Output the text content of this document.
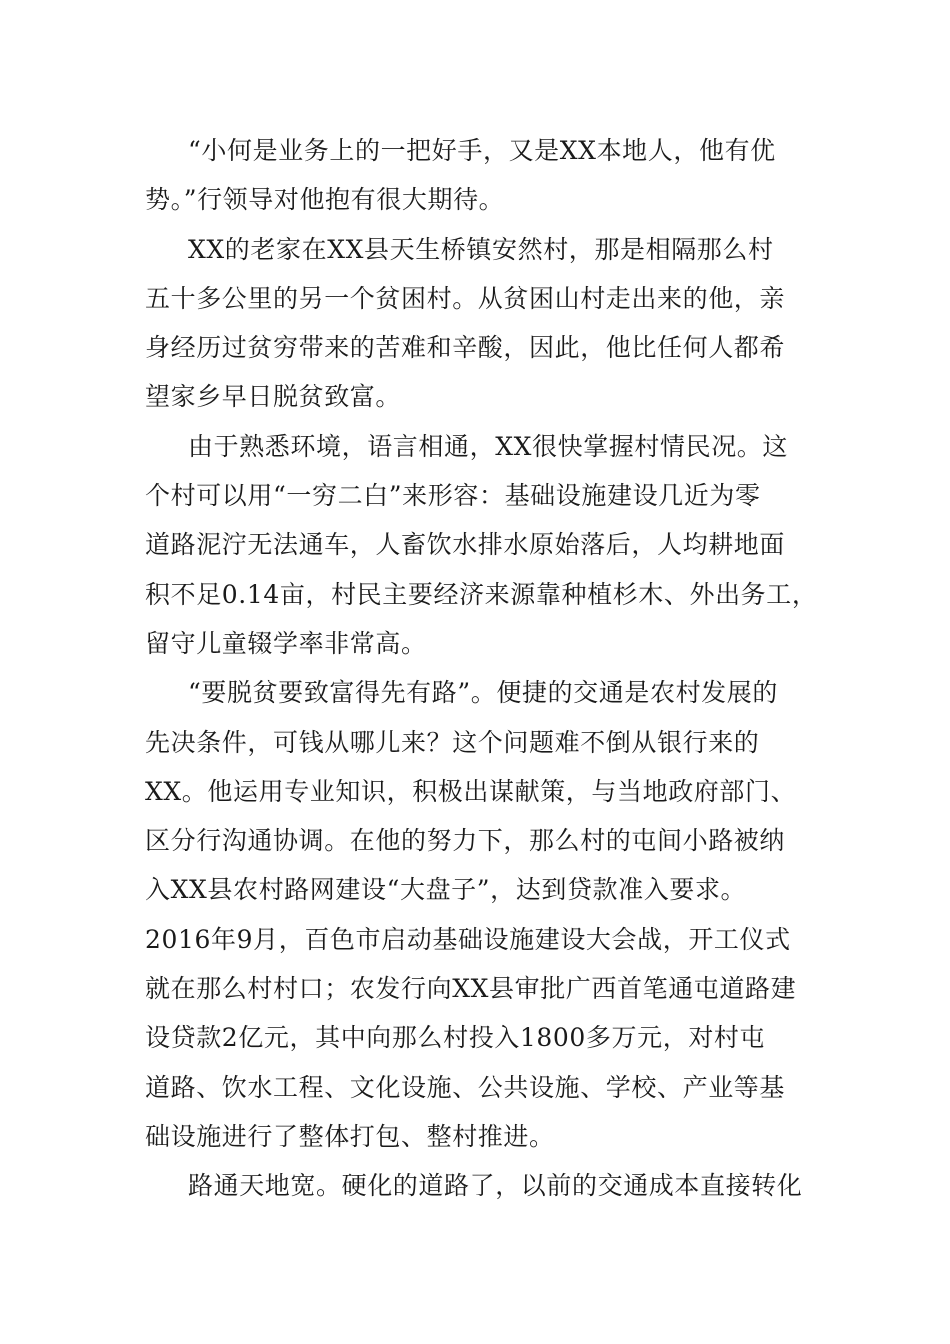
“小何是业务上的一把好手，又是XX本地人，他有优
势。”行领导对他抱有很大期待。
XX的老家在XX县天生桥镇安然村，那是相隔那么村
五十多公里的另一个贫困村。从贫困山村走出来的他，亲
身经历过贫穷带来的苦难和辛酸，因此，他比任何人都希
望家乡早日脱贫致富。
由于熟悉环境，语言相通，XX很快掌握村情民况。这
个村可以用“一穷二白”来形容：基础设施建设几近为零
道路泥泞无法通车，人畜饮水排水原始落后，人均耕地面
积不足0.14亩，村民主要经济来源靠种植杉木、外出务工，
留守儿童辍学率非常高。
“要脱贫要致富得先有路”。便捷的交通是农村发展的
先决条件，可钱从哪儿来？这个问题难不倒从银行来的
XX。他运用专业知识，积极出谋献策，与当地政府部门、
区分行沟通协调。在他的努力下，那么村的屯间小路被纳
入XX县农村路网建设“大盘子”，达到贷款准入要求。
2016年9月，百色市启动基础设施建设大会战，开工仪式
就在那么村村口；农发行向XX县审批广西首笔通屯道路建
设贷款2亿元，其中向那么村投入1800多万元，对村屯
道路、饮水工程、文化设施、公共设施、学校、产业等基
础设施进行了整体打包、整村推进。
路通天地宽。硬化的道路了，以前的交通成本直接转化
